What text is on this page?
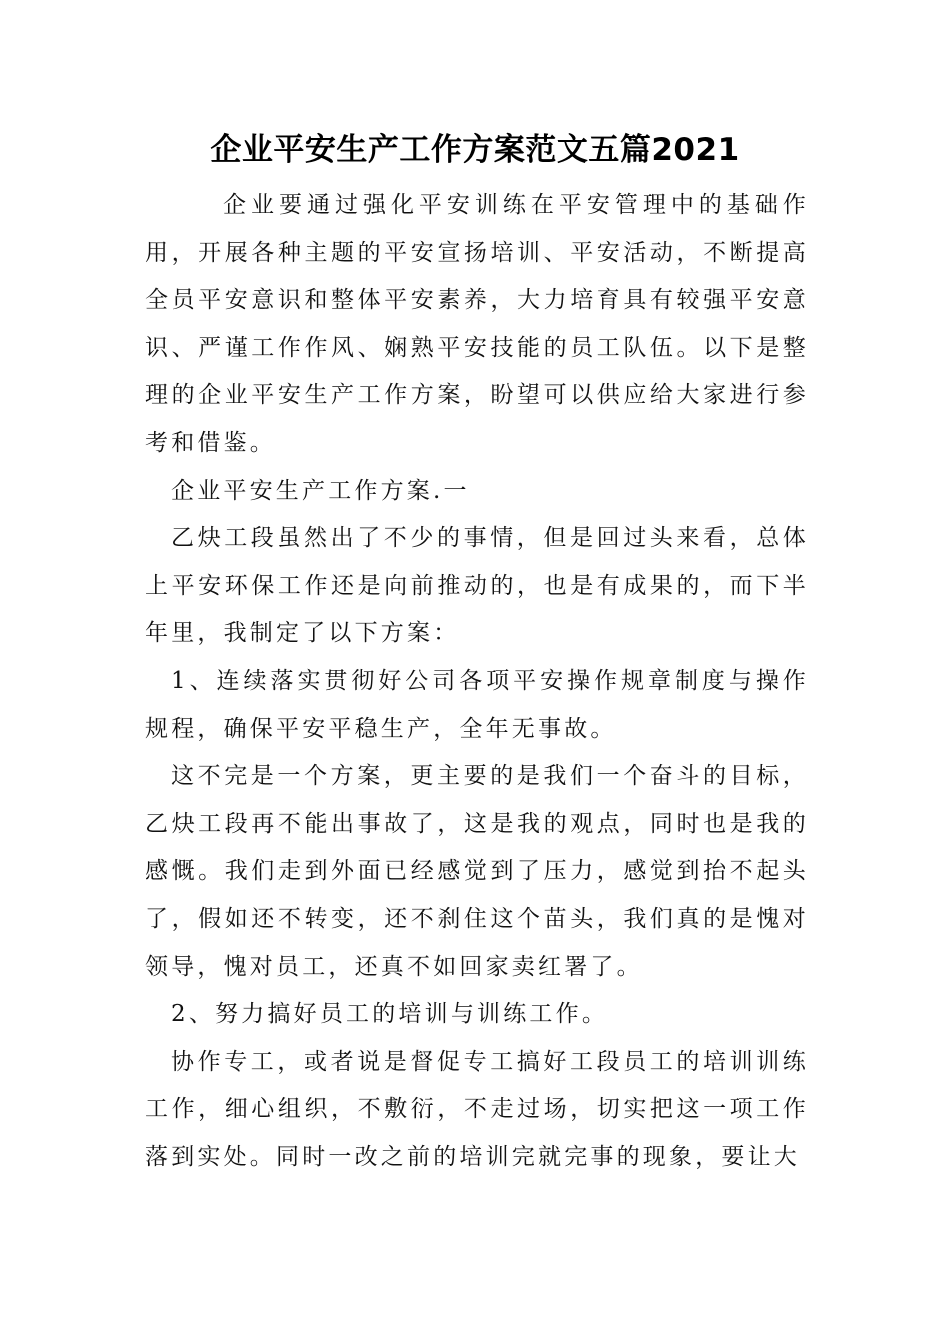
企业平安生产工作方案范文五篇2021

企业要通过强化平安训练在平安管理中的基础作用，开展各种主题的平安宣扬培训、平安活动，不断提高全员平安意识和整体平安素养，大力培育具有较强平安意识、严谨工作作风、娴熟平安技能的员工队伍。以下是整理的企业平安生产工作方案，盼望可以供应给大家进行参考和借鉴。

企业平安生产工作方案.一

乙炔工段虽然出了不少的事情，但是回过头来看，总体上平安环保工作还是向前推动的，也是有成果的，而下半年里，我制定了以下方案：

1、连续落实贯彻好公司各项平安操作规章制度与操作规程，确保平安平稳生产，全年无事故。

这不完是一个方案，更主要的是我们一个奋斗的目标，乙炔工段再不能出事故了，这是我的观点，同时也是我的感慨。我们走到外面已经感觉到了压力，感觉到抬不起头了，假如还不转变，还不刹住这个苗头，我们真的是愧对领导，愧对员工，还真不如回家卖红署了。

2、努力搞好员工的培训与训练工作。

协作专工，或者说是督促专工搞好工段员工的培训训练工作，细心组织，不敷衍，不走过场，切实把这一项工作落到实处。同时一改之前的培训完就完事的现象，要让大
